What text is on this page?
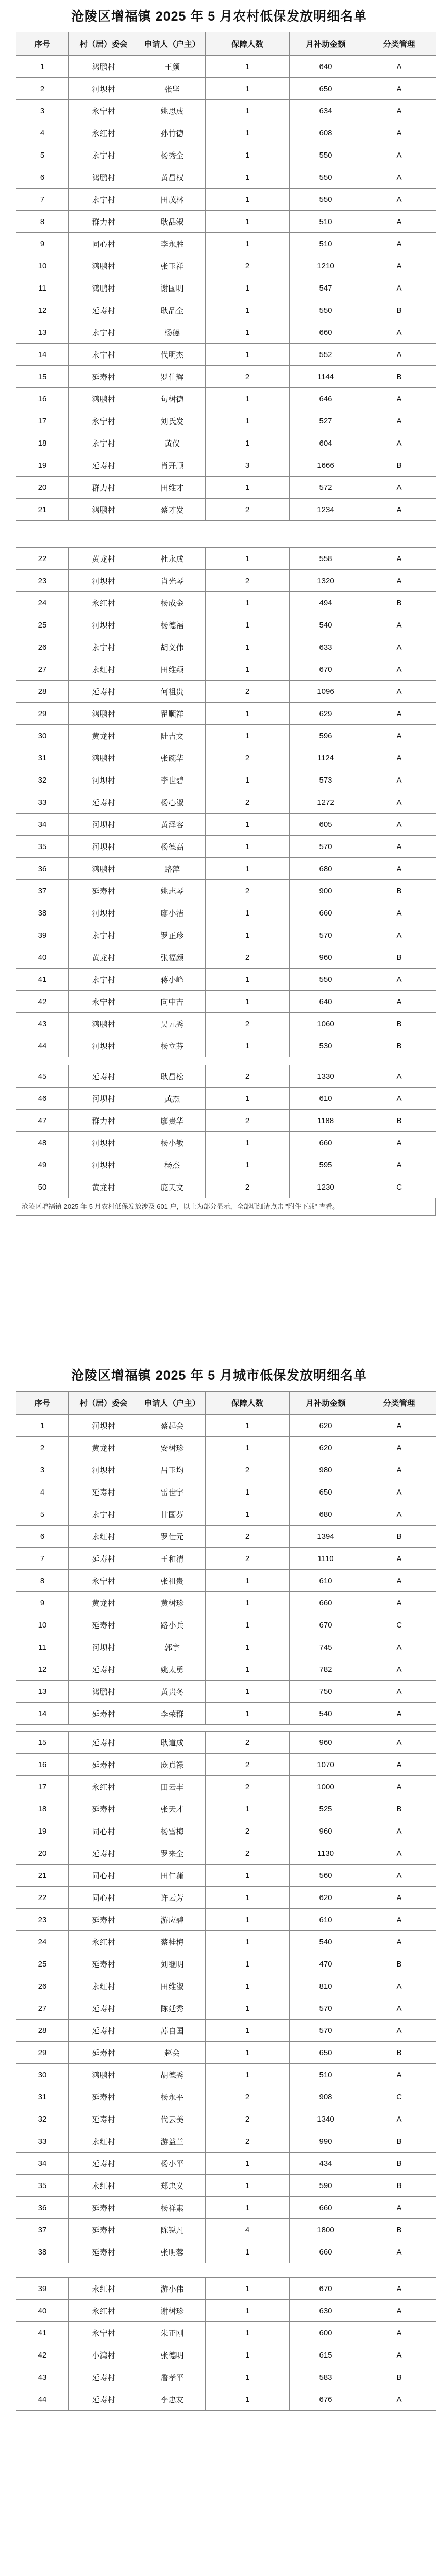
沧陵区增福镇 2025 年 5 月农村低保发放明细名单
序号	村（居）委会	申请人（户主）	保障人数	月补助金额	分类管理
1	鸿鹏村	王颜	1	640	A
2	河坝村	张坚	1	650	A
3	永宁村	姚思成	1	634	A
4	永红村	孙竹德	1	608	A
5	永宁村	杨秀全	1	550	A
6	鸿鹏村	黄昌权	1	550	A
7	永宁村	田茂林	1	550	A
8	群力村	耿品淑	1	510	A
9	同心村	李永胜	1	510	A
10	鸿鹏村	张玉祥	2	1210	A
11	鸿鹏村	谢国明	1	547	A
12	延寿村	耿品全	1	550	B
13	永宁村	杨德	1	660	A
14	永宁村	代明杰	1	552	A
15	延寿村	罗仕辉	2	1144	B
16	鸿鹏村	句树德	1	646	A
17	永宁村	刘氏发	1	527	A
18	永宁村	黄仪	1	604	A
19	延寿村	肖开顺	3	1666	B
20	群力村	田维才	1	572	A
21	鸿鹏村	蔡才发	2	1234	A
22	黄龙村	杜永成	1	558	A
23	河坝村	肖光琴	2	1320	A
24	永红村	杨成金	1	494	B
25	河坝村	杨德福	1	540	A
26	永宁村	胡义伟	1	633	A
27	永红村	田维颖	1	670	A
28	延寿村	何祖贵	2	1096	A
29	鸿鹏村	瞿顺祥	1	629	A
30	黄龙村	陆吉文	1	596	A
31	鸿鹏村	张碗华	2	1124	A
32	河坝村	李世碧	1	573	A
33	延寿村	杨心淑	2	1272	A
34	河坝村	黄泽容	1	605	A
35	河坝村	杨德高	1	570	A
36	鸿鹏村	路萍	1	680	A
37	延寿村	姚志琴	2	900	B
38	河坝村	廖小洁	1	660	A
39	永宁村	罗正珍	1	570	A
40	黄龙村	张福颜	2	960	B
41	永宁村	蒋小峰	1	550	A
42	永宁村	向中吉	1	640	A
43	鸿鹏村	吴元秀	2	1060	B
44	河坝村	杨立芬	1	530	B
45	延寿村	耿昌松	2	1330	A
46	河坝村	黄杰	1	610	A
47	群力村	廖贵华	2	1188	B
48	河坝村	杨小敏	1	660	A
49	河坝村	杨杰	1	595	A
50	黄龙村	庞天文	2	1230	C
沧陵区增福镇 2025 年 5 月农村低保发放涉及 601 户，以上为部分显示，全部明细请点击 "附件下载" 查看。
沧陵区增福镇 2025 年 5 月城市低保发放明细名单
序号	村（居）委会	申请人（户主）	保障人数	月补助金额	分类管理
1	河坝村	蔡起会	1	620	A
2	黄龙村	安树珍	1	620	A
3	河坝村	吕玉均	2	980	A
4	延寿村	雷世宇	1	650	A
5	永宁村	甘国芬	1	680	A
6	永红村	罗仕元	2	1394	B
7	延寿村	王和清	2	1110	A
8	永宁村	张祖贵	1	610	A
9	黄龙村	黄树珍	1	660	A
10	延寿村	路小兵	1	670	C
11	河坝村	郭宇	1	745	A
12	延寿村	姚太勇	1	782	A
13	鸿鹏村	黄贵冬	1	750	A
14	延寿村	李荣群	1	540	A
15	延寿村	耿道成	2	960	A
16	延寿村	庞真禄	2	1070	A
17	永红村	田云丰	2	1000	A
18	延寿村	张天才	1	525	B
19	同心村	杨雪梅	2	960	A
20	延寿村	罗来全	2	1130	A
21	同心村	田仁蒲	1	560	A
22	同心村	许云芳	1	620	A
23	延寿村	游应碧	1	610	A
24	永红村	蔡桂梅	1	540	A
25	延寿村	刘继明	1	470	B
26	永红村	田维淑	1	810	A
27	延寿村	陈廷秀	1	570	A
28	延寿村	苏自国	1	570	A
29	延寿村	赵会	1	650	B
30	鸿鹏村	胡德秀	1	510	A
31	延寿村	杨永平	2	908	C
32	延寿村	代云美	2	1340	A
33	永红村	游益兰	2	990	B
34	延寿村	杨小平	1	434	B
35	永红村	郑忠义	1	590	B
36	延寿村	杨祥素	1	660	A
37	延寿村	陈锐凡	4	1800	B
38	延寿村	张明蓉	1	660	A
39	永红村	游小伟	1	670	A
40	永红村	谢树珍	1	630	A
41	永宁村	朱正刚	1	600	A
42	小湾村	张德明	1	615	A
43	延寿村	詹孝平	1	583	B
44	延寿村	李忠友	1	676	A
